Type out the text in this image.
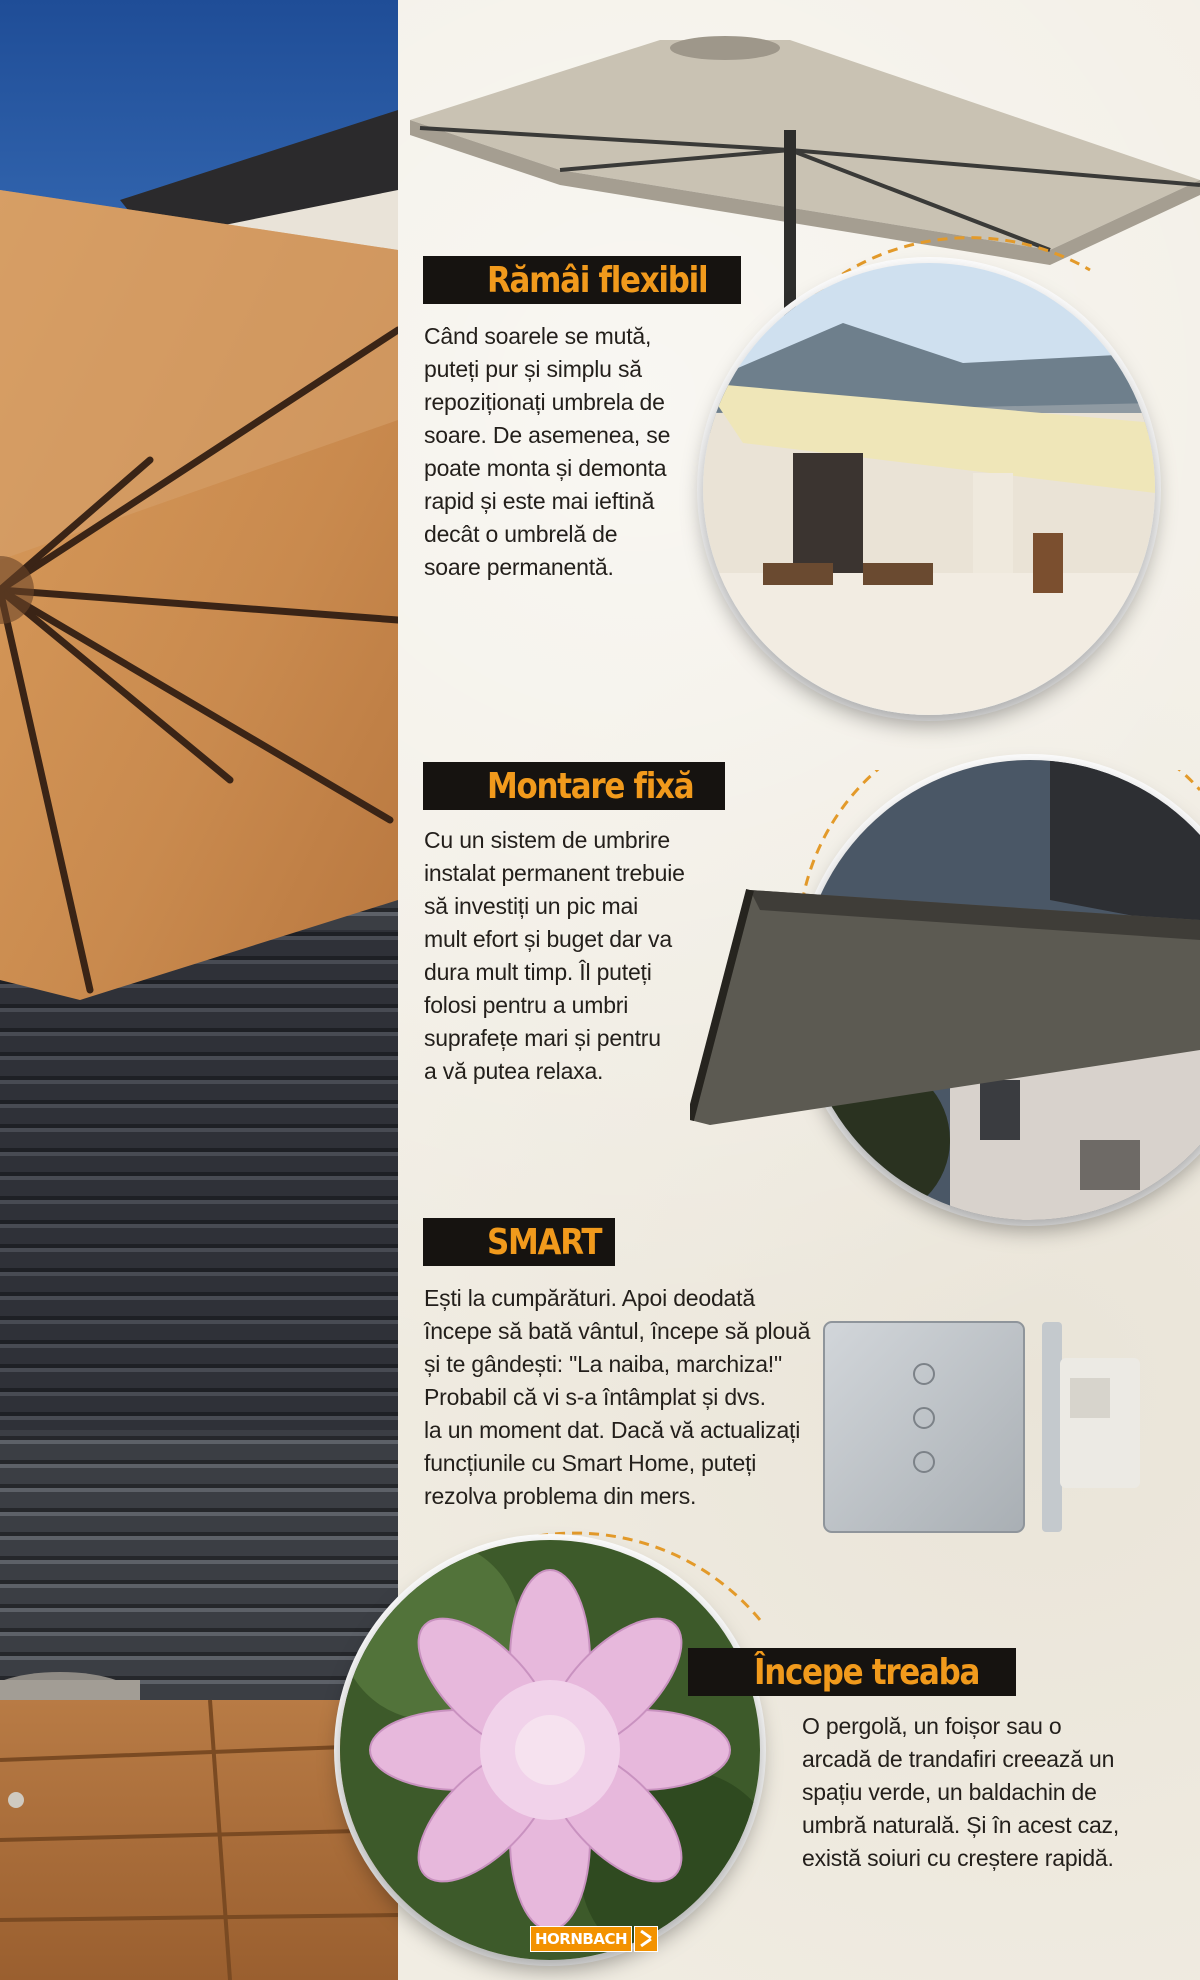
Rămâi flexibil
Când soarele se mută,
puteți pur și simplu să
repoziționați umbrela de
soare. De asemenea, se
poate monta și demonta
rapid și este mai ieftină
decât o umbrelă de
soare permanentă.
Montare fixă
Cu un sistem de umbrire
instalat permanent trebuie
să investiți un pic mai
mult efort și buget dar va
dura mult timp. Îl puteți
folosi pentru a umbri
suprafețe mari și pentru
a vă putea relaxa.
SMART
Ești la cumpărături. Apoi deodată
începe să bată vântul, începe să plouă
și te gândești: "La naiba, marchiza!"
Probabil că vi s-a întâmplat și dvs.
la un moment dat. Dacă vă actualizați
funcțiunile cu Smart Home, puteți
rezolva problema din mers.
Începe treaba
O pergolă, un foișor sau o
arcadă de trandafiri creează un
spațiu verde, un baldachin de
umbră naturală. Și în acest caz,
există soiuri cu creștere rapidă.
HORNBACH
